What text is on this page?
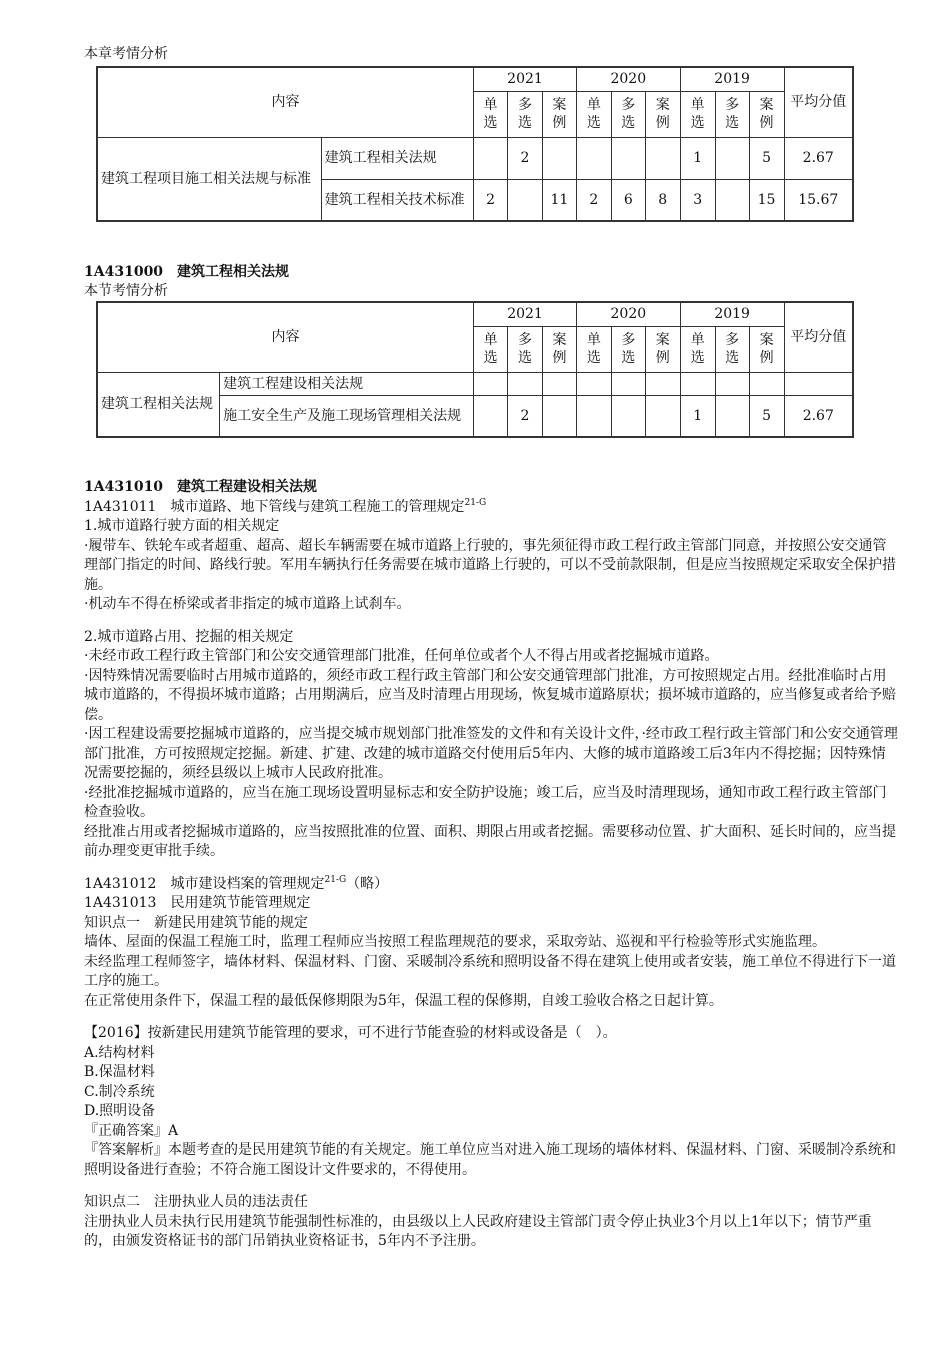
本章考情分析
内容		2021			2020			2019			平均分值
		单选	多选	案例	单选	多选	案例	单选	多选	案例	
建筑工程项目施工相关法规与标准	建筑工程相关法规		2					1		5	2.67
	建筑工程相关技术标准	2		11	2	6	8	3		15	15.67
1A431000　建筑工程相关法规
本节考情分析
内容		2021			2020			2019			平均分值
		单选	多选	案例	单选	多选	案例	单选	多选	案例	
建筑工程相关法规	建筑工程建设相关法规										
	施工安全生产及施工现场管理相关法规		2					1		5	2.67

1A431010　建筑工程建设相关法规

1A431011　城市道路、地下管线与建筑工程施工的管理规定$^{21-G}$

1.城市道路行驶方面的相关规定

·履带车、铁轮车或者超重、超高、超长车辆需要在城市道路上行驶的，事先须征得市政工程行政主管部门同意，并按照公安交通管理部门指定的时间、路线行驶。军用车辆执行任务需要在城市道路上行驶的，可以不受前款限制，但是应当按照规定采取安全保护措施。

·机动车不得在桥梁或者非指定的城市道路上试刹车。

2.城市道路占用、挖掘的相关规定

·未经市政工程行政主管部门和公安交通管理部门批准，任何单位或者个人不得占用或者挖掘城市道路。

·因特殊情况需要临时占用城市道路的，须经市政工程行政主管部门和公安交通管理部门批准，方可按照规定占用。经批准临时占用城市道路的，不得损坏城市道路；占用期满后，应当及时清理占用现场，恢复城市道路原状；损坏城市道路的，应当修复或者给予赔偿。

·因工程建设需要挖掘城市道路的，应当提交城市规划部门批准签发的文件和有关设计文件，·经市政工程行政主管部门和公安交通管理部门批准，方可按照规定挖掘。新建、扩建、改建的城市道路交付使用后5年内、大修的城市道路竣工后3年内不得挖掘；因特殊情况需要挖掘的，须经县级以上城市人民政府批准。

·经批准挖掘城市道路的，应当在施工现场设置明显标志和安全防护设施；竣工后，应当及时清理现场，通知市政工程行政主管部门检查验收。

经批准占用或者挖掘城市道路的，应当按照批准的位置、面积、期限占用或者挖掘。需要移动位置、扩大面积、延长时间的，应当提前办理变更审批手续。

1A431012　城市建设档案的管理规定$^{21-G}$（略）

1A431013　民用建筑节能管理规定

知识点一　新建民用建筑节能的规定

墙体、屋面的保温工程施工时，监理工程师应当按照工程监理规范的要求，采取旁站、巡视和平行检验等形式实施监理。

未经监理工程师签字，墙体材料、保温材料、门窗、采暖制冷系统和照明设备不得在建筑上使用或者安装，施工单位不得进行下一道工序的施工。

在正常使用条件下，保温工程的最低保修期限为5年，保温工程的保修期，自竣工验收合格之日起计算。

【2016】按新建民用建筑节能管理的要求，可不进行节能查验的材料或设备是（　）。

A.结构材料

B.保温材料

C.制冷系统

D.照明设备

『正确答案』A

『答案解析』本题考查的是民用建筑节能的有关规定。施工单位应当对进入施工现场的墙体材料、保温材料、门窗、采暖制冷系统和照明设备进行查验；不符合施工图设计文件要求的，不得使用。

知识点二　注册执业人员的违法责任

注册执业人员未执行民用建筑节能强制性标准的，由县级以上人民政府建设主管部门责令停止执业3个月以上1年以下；情节严重的，由颁发资格证书的部门吊销执业资格证书，5年内不予注册。
